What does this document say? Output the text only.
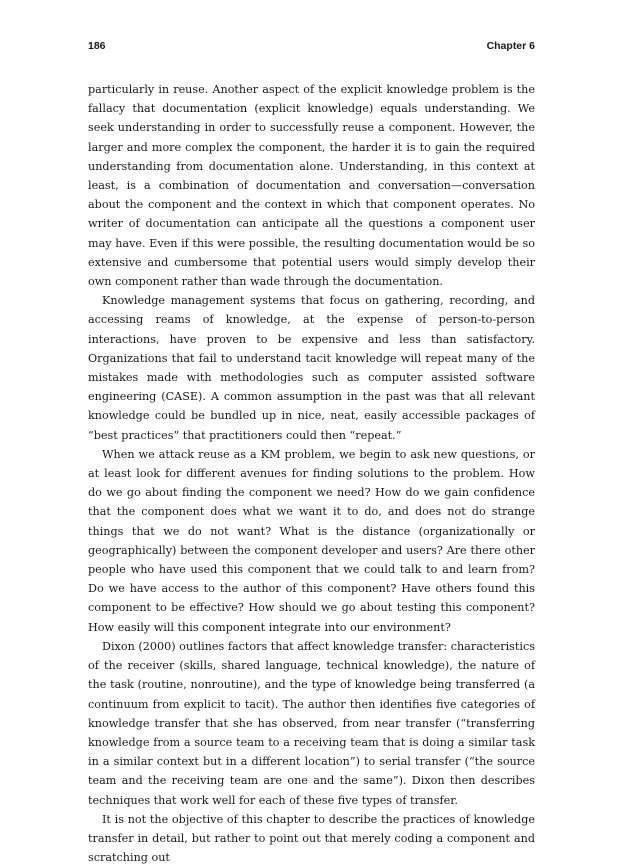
186	Chapter 6

particularly in reuse. Another aspect of the explicit knowledge problem is the fallacy that documentation (explicit knowledge) equals understanding. We seek understanding in order to successfully reuse a component. However, the larger and more complex the component, the harder it is to gain the required understanding from documentation alone. Understanding, in this context at least, is a combination of documentation and conversation—conversation about the component and the context in which that component operates. No writer of documentation can anticipate all the questions a component user may have. Even if this were possible, the resulting documentation would be so extensive and cumbersome that potential users would simply develop their own component rather than wade through the documentation.

Knowledge management systems that focus on gathering, recording, and accessing reams of knowledge, at the expense of person-to-person interactions, have proven to be expensive and less than satisfactory. Organizations that fail to understand tacit knowledge will repeat many of the mistakes made with methodologies such as computer assisted software engineering (CASE). A common assumption in the past was that all relevant knowledge could be bundled up in nice, neat, easily accessible packages of “best practices” that practitioners could then “repeat.”

When we attack reuse as a KM problem, we begin to ask new questions, or at least look for different avenues for finding solutions to the problem. How do we go about finding the component we need? How do we gain confidence that the component does what we want it to do, and does not do strange things that we do not want? What is the distance (organizationally or geographically) between the component developer and users? Are there other people who have used this component that we could talk to and learn from? Do we have access to the author of this component? Have others found this component to be effective? How should we go about testing this component? How easily will this component integrate into our environment?

Dixon (2000) outlines factors that affect knowledge transfer: characteristics of the receiver (skills, shared language, technical knowledge), the nature of the task (routine, nonroutine), and the type of knowledge being transferred (a continuum from explicit to tacit). The author then identifies five categories of knowledge transfer that she has observed, from near transfer (“transferring knowledge from a source team to a receiving team that is doing a similar task in a similar context but in a different location”) to serial transfer (“the source team and the receiving team are one and the same”). Dixon then describes techniques that work well for each of these five types of transfer.

It is not the objective of this chapter to describe the practices of knowledge transfer in detail, but rather to point out that merely coding a component and scratching out
